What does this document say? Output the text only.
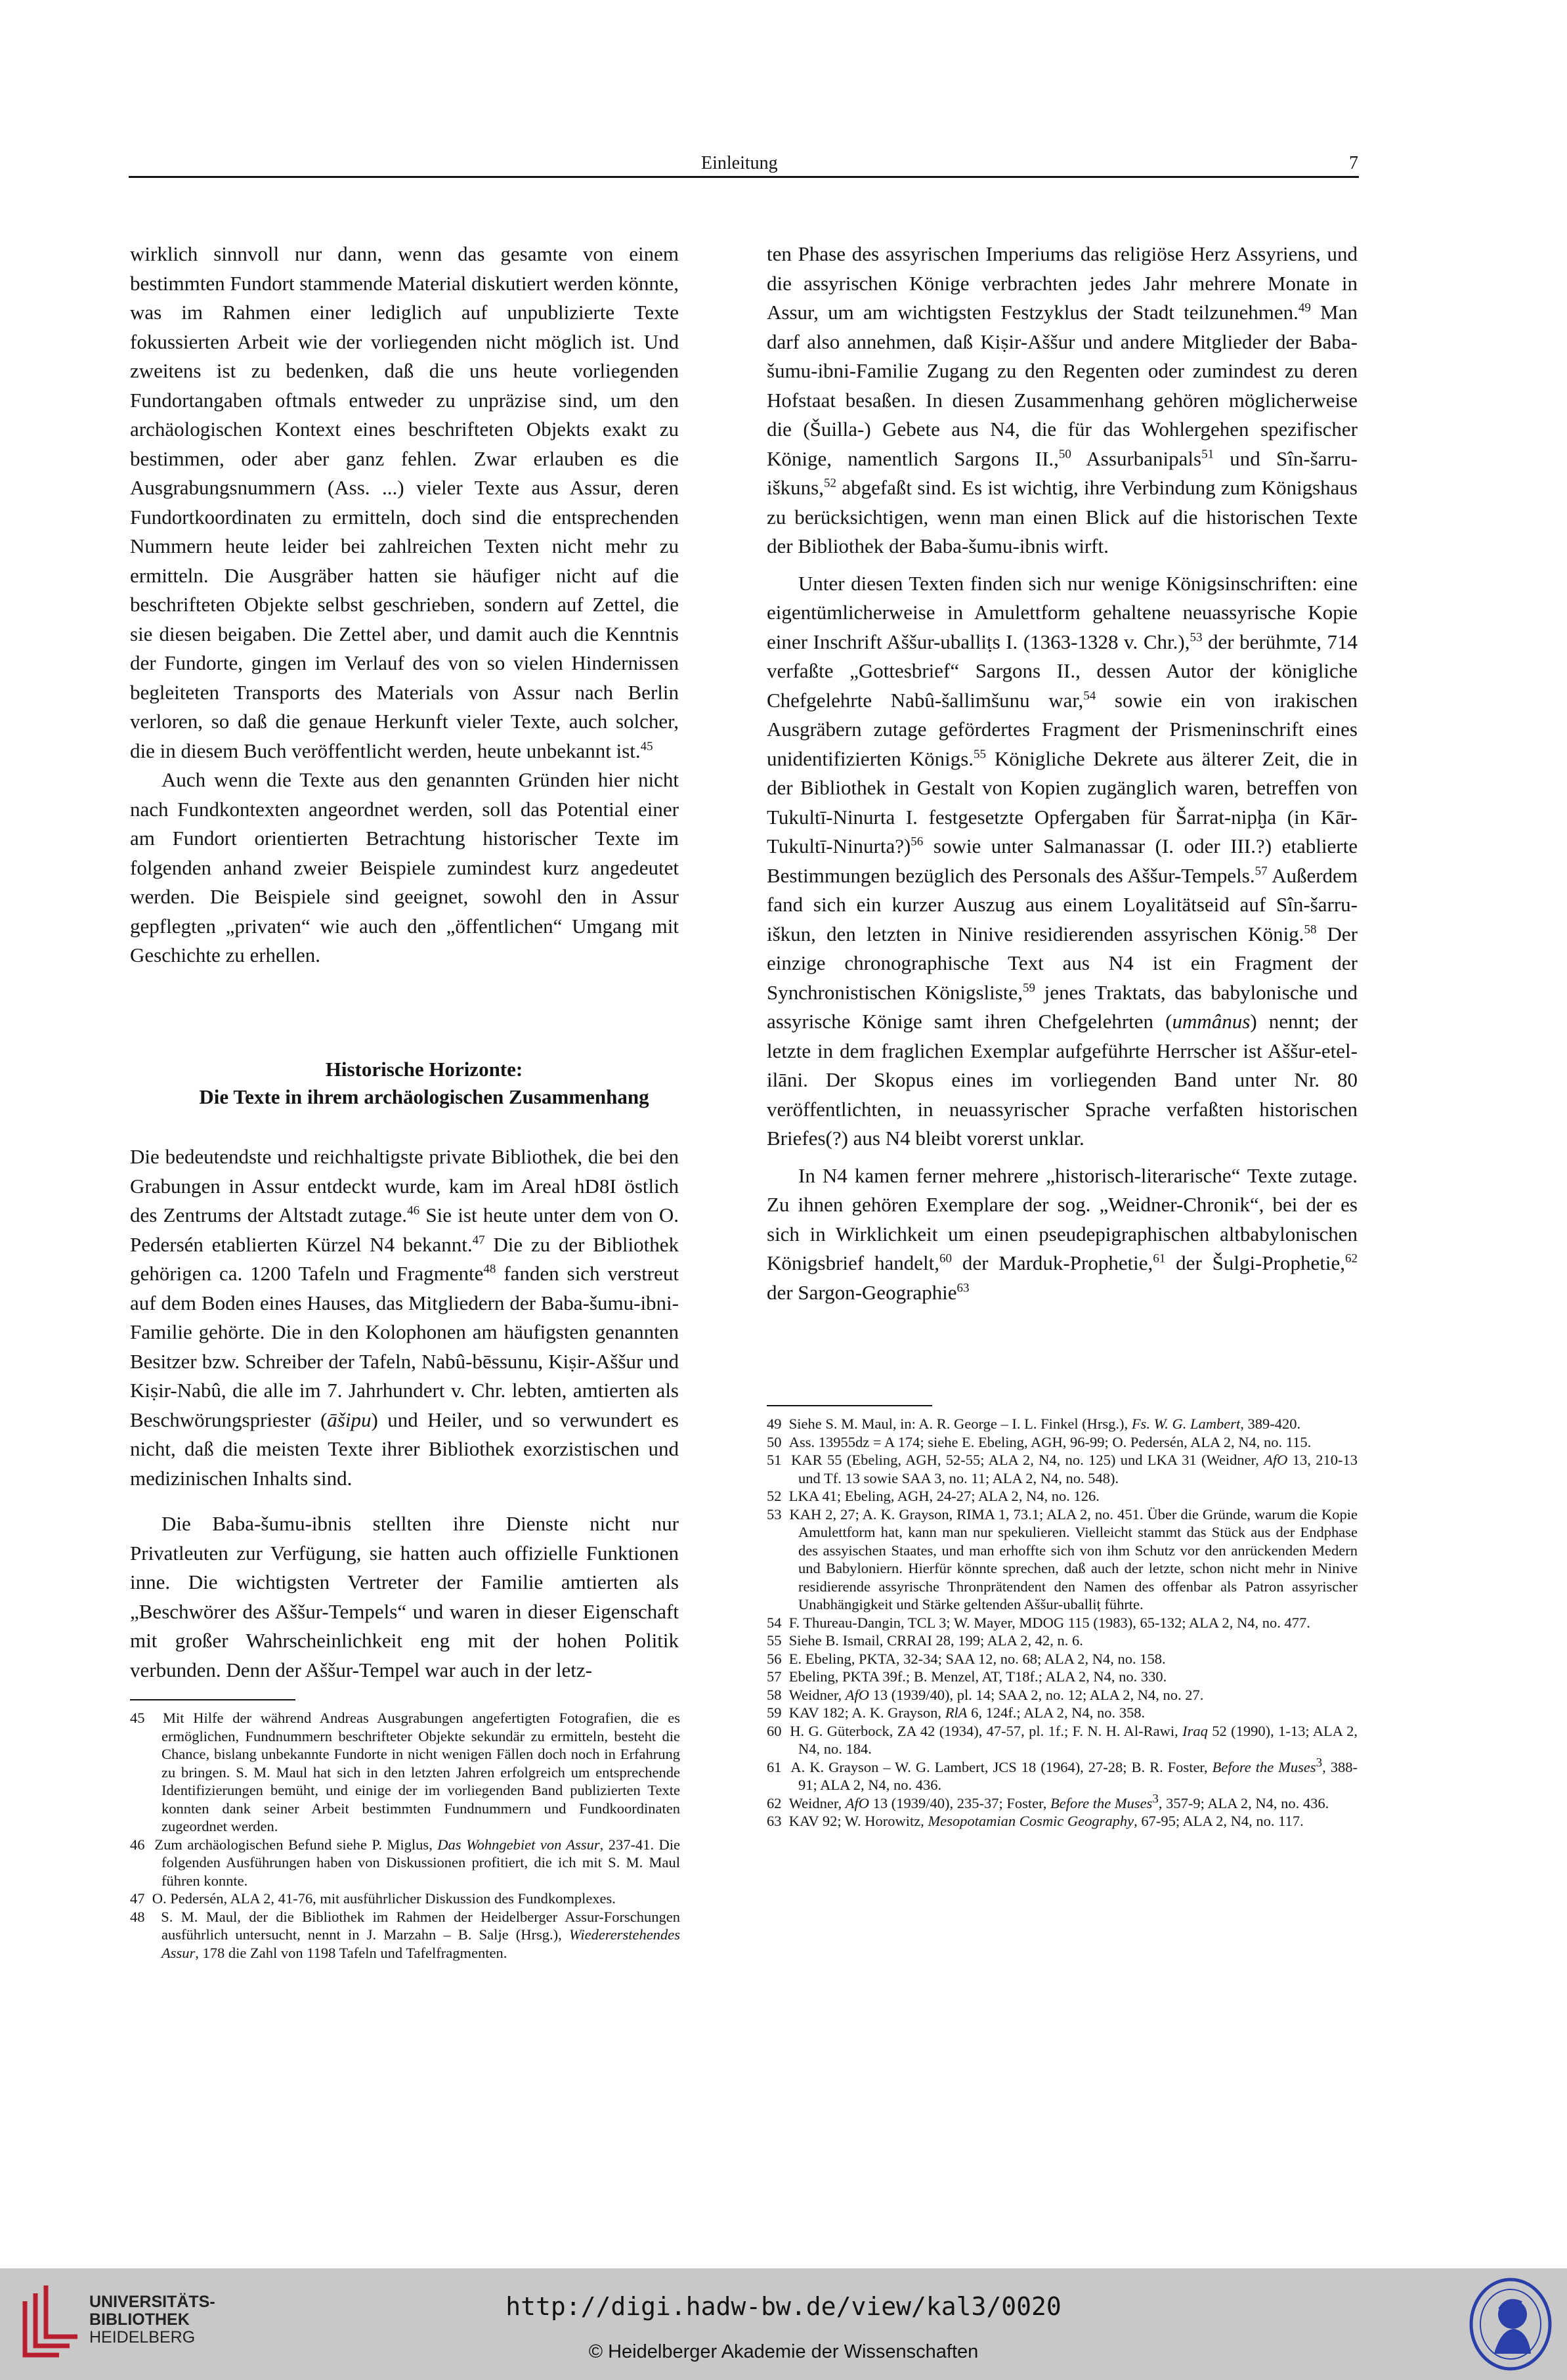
Einleitung	7

wirklich sinnvoll nur dann, wenn das gesamte von einem bestimmten Fundort stammende Material diskutiert werden könnte, was im Rahmen einer lediglich auf unpublizierte Texte fokussierten Arbeit wie der vorliegenden nicht möglich ist. Und zweitens ist zu bedenken, daß die uns heute vorliegenden Fundortangaben oftmals entweder zu unpräzise sind, um den archäologischen Kontext eines beschrifteten Objekts exakt zu bestimmen, oder aber ganz fehlen. Zwar erlauben es die Ausgrabungsnummern (Ass. ...) vieler Texte aus Assur, deren Fundortkoordinaten zu ermitteln, doch sind die entsprechenden Nummern heute leider bei zahlreichen Texten nicht mehr zu ermitteln. Die Ausgräber hatten sie häufiger nicht auf die beschrifteten Objekte selbst geschrieben, sondern auf Zettel, die sie diesen beigaben. Die Zettel aber, und damit auch die Kenntnis der Fundorte, gingen im Verlauf des von so vielen Hindernissen begleiteten Transports des Materials von Assur nach Berlin verloren, so daß die genaue Herkunft vieler Texte, auch solcher, die in diesem Buch veröffentlicht werden, heute unbekannt ist.$^{45}$

Auch wenn die Texte aus den genannten Gründen hier nicht nach Fundkontexten angeordnet werden, soll das Potential einer am Fundort orientierten Betrachtung historischer Texte im folgenden anhand zweier Beispiele zumindest kurz angedeutet werden. Die Beispiele sind geeignet, sowohl den in Assur gepflegten „privaten“ wie auch den „öffentlichen“ Umgang mit Geschichte zu erhellen.

Historische Horizonte:
Die Texte in ihrem archäologischen Zusammenhang

Die bedeutendste und reichhaltigste private Bibliothek, die bei den Grabungen in Assur entdeckt wurde, kam im Areal hD8I östlich des Zentrums der Altstadt zutage.$^{46}$ Sie ist heute unter dem von O. Pedersén etablierten Kürzel N4 bekannt.$^{47}$ Die zu der Bibliothek gehörigen ca. 1200 Tafeln und Fragmente$^{48}$ fanden sich verstreut auf dem Boden eines Hauses, das Mitgliedern der Baba-šumu-ibni-Familie gehörte. Die in den Kolophonen am häufigsten genannten Besitzer bzw. Schreiber der Tafeln, Nabû-bēssunu, Kiṣir-Aššur und Kiṣir-Nabû, die alle im 7. Jahrhundert v. Chr. lebten, amtierten als Beschwörungspriester (āšipu) und Heiler, und so verwundert es nicht, daß die meisten Texte ihrer Bibliothek exorzistischen und medizinischen Inhalts sind.

Die Baba-šumu-ibnis stellten ihre Dienste nicht nur Privatleuten zur Verfügung, sie hatten auch offizielle Funktionen inne. Die wichtigsten Vertreter der Familie amtierten als „Beschwörer des Aššur-Tempels“ und waren in dieser Eigenschaft mit großer Wahrscheinlichkeit eng mit der hohen Politik verbunden. Denn der Aššur-Tempel war auch in der letz-

45  Mit Hilfe der während Andreas Ausgrabungen angefertigten Fotografien, die es ermöglichen, Fundnummern beschrifteter Objekte sekundär zu ermitteln, besteht die Chance, bislang unbekannte Fundorte in nicht wenigen Fällen doch noch in Erfahrung zu bringen. S. M. Maul hat sich in den letzten Jahren erfolgreich um entsprechende Identifizierungen bemüht, und einige der im vorliegenden Band publizierten Texte konnten dank seiner Arbeit bestimmten Fundnummern und Fundkoordinaten zugeordnet werden.

46  Zum archäologischen Befund siehe P. Miglus, Das Wohngebiet von Assur, 237-41. Die folgenden Ausführungen haben von Diskussionen profitiert, die ich mit S. M. Maul führen konnte.

47  O. Pedersén, ALA 2, 41-76, mit ausführlicher Diskussion des Fundkomplexes.

48  S. M. Maul, der die Bibliothek im Rahmen der Heidelberger Assur-Forschungen ausführlich untersucht, nennt in J. Marzahn – B. Salje (Hrsg.), Wiedererstehendes Assur, 178 die Zahl von 1198 Tafeln und Tafelfragmenten.

ten Phase des assyrischen Imperiums das religiöse Herz Assyriens, und die assyrischen Könige verbrachten jedes Jahr mehrere Monate in Assur, um am wichtigsten Festzyklus der Stadt teilzunehmen.$^{49}$ Man darf also annehmen, daß Kiṣir-Aššur und andere Mitglieder der Baba-šumu-ibni-Familie Zugang zu den Regenten oder zumindest zu deren Hofstaat besaßen. In diesen Zusammenhang gehören möglicherweise die (Šuilla-) Gebete aus N4, die für das Wohlergehen spezifischer Könige, namentlich Sargons II.,$^{50}$ Assurbanipals$^{51}$ und Sîn-šarru-iškuns,$^{52}$ abgefaßt sind. Es ist wichtig, ihre Verbindung zum Königshaus zu berücksichtigen, wenn man einen Blick auf die historischen Texte der Bibliothek der Baba-šumu-ibnis wirft.

Unter diesen Texten finden sich nur wenige Königsinschriften: eine eigentümlicherweise in Amulettform gehaltene neuassyrische Kopie einer Inschrift Aššur-uballiṭs I. (1363-1328 v. Chr.),$^{53}$ der berühmte, 714 verfaßte „Gottesbrief“ Sargons II., dessen Autor der königliche Chefgelehrte Nabû-šallimšunu war,$^{54}$ sowie ein von irakischen Ausgräbern zutage gefördertes Fragment der Prismeninschrift eines unidentifizierten Königs.$^{55}$ Königliche Dekrete aus älterer Zeit, die in der Bibliothek in Gestalt von Kopien zugänglich waren, betreffen von Tukultī-Ninurta I. festgesetzte Opfergaben für Šarrat-nipḫa (in Kār-Tukultī-Ninurta?)$^{56}$ sowie unter Salmanassar (I. oder III.?) etablierte Bestimmungen bezüglich des Personals des Aššur-Tempels.$^{57}$ Außerdem fand sich ein kurzer Auszug aus einem Loyalitätseid auf Sîn-šarru-iškun, den letzten in Ninive residierenden assyrischen König.$^{58}$ Der einzige chronographische Text aus N4 ist ein Fragment der Synchronistischen Königsliste,$^{59}$ jenes Traktats, das babylonische und assyrische Könige samt ihren Chefgelehrten (ummânus) nennt; der letzte in dem fraglichen Exemplar aufgeführte Herrscher ist Aššur-etel-ilāni. Der Skopus eines im vorliegenden Band unter Nr. 80 veröffentlichten, in neuassyrischer Sprache verfaßten historischen Briefes(?) aus N4 bleibt vorerst unklar.

In N4 kamen ferner mehrere „historisch-literarische“ Texte zutage. Zu ihnen gehören Exemplare der sog. „Weidner-Chronik“, bei der es sich in Wirklichkeit um einen pseudepigraphischen altbabylonischen Königsbrief handelt,$^{60}$ der Marduk-Prophetie,$^{61}$ der Šulgi-Prophetie,$^{62}$ der Sargon-Geographie$^{63}$

49  Siehe S. M. Maul, in: A. R. George – I. L. Finkel (Hrsg.), Fs. W. G. Lambert, 389-420.

50  Ass. 13955dz = A 174; siehe E. Ebeling, AGH, 96-99; O. Pedersén, ALA 2, N4, no. 115.

51  KAR 55 (Ebeling, AGH, 52-55; ALA 2, N4, no. 125) und LKA 31 (Weidner, AfO 13, 210-13 und Tf. 13 sowie SAA 3, no. 11; ALA 2, N4, no. 548).

52  LKA 41; Ebeling, AGH, 24-27; ALA 2, N4, no. 126.

53  KAH 2, 27; A. K. Grayson, RIMA 1, 73.1; ALA 2, no. 451. Über die Gründe, warum die Kopie Amulettform hat, kann man nur spekulieren. Vielleicht stammt das Stück aus der Endphase des assyischen Staates, und man erhoffte sich von ihm Schutz vor den anrückenden Medern und Babyloniern. Hierfür könnte sprechen, daß auch der letzte, schon nicht mehr in Ninive residierende assyrische Thronprätendent den Namen des offenbar als Patron assyrischer Unabhängigkeit und Stärke geltenden Aššur-uballiṭ führte.

54  F. Thureau-Dangin, TCL 3; W. Mayer, MDOG 115 (1983), 65-132; ALA 2, N4, no. 477.

55  Siehe B. Ismail, CRRAI 28, 199; ALA 2, 42, n. 6.

56  E. Ebeling, PKTA, 32-34; SAA 12, no. 68; ALA 2, N4, no. 158.

57  Ebeling, PKTA 39f.; B. Menzel, AT, T18f.; ALA 2, N4, no. 330.

58  Weidner, AfO 13 (1939/40), pl. 14; SAA 2, no. 12; ALA 2, N4, no. 27.

59  KAV 182; A. K. Grayson, RlA 6, 124f.; ALA 2, N4, no. 358.

60  H. G. Güterbock, ZA 42 (1934), 47-57, pl. 1f.; F. N. H. Al-Rawi, Iraq 52 (1990), 1-13; ALA 2, N4, no. 184.

61  A. K. Grayson – W. G. Lambert, JCS 18 (1964), 27-28; B. R. Foster, Before the Muses$^3$, 388-91; ALA 2, N4, no. 436.

62  Weidner, AfO 13 (1939/40), 235-37; Foster, Before the Muses$^3$, 357-9; ALA 2, N4, no. 436.

63  KAV 92; W. Horowitz, Mesopotamian Cosmic Geography, 67-95; ALA 2, N4, no. 117.

UNIVERSITÄTS-
BIBLIOTHEK
HEIDELBERG
http://digi.hadw-bw.de/view/kal3/0020
© Heidelberger Akademie der Wissenschaften
